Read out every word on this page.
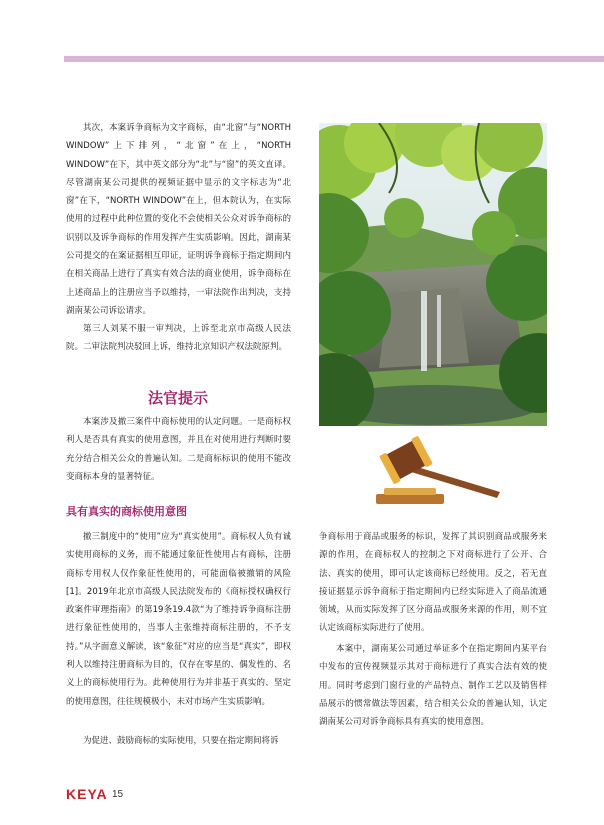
其次，本案诉争商标为文字商标，由“北窗”与“NORTH WINDOW”上下排列，“北窗”在上，“NORTH　WINDOW”在下，其中英文部分为“北”与“窗”的英文直译。尽管湖南某公司提供的视频证据中显示的文字标志为“北窗”在下，“NORTH WINDOW”在上，但本院认为，在实际使用的过程中此种位置的变化不会使相关公众对诉争商标的识别以及诉争商标的作用发挥产生实质影响。因此，湖南某公司提交的在案证据相互印证，证明诉争商标于指定期间内在相关商品上进行了真实有效合法的商业使用，诉争商标在上述商品上的注册应当予以维持，一审法院作出判决，支持湖南某公司诉讼请求。

第三人刘某不服一审判决，上诉至北京市高级人民法院。二审法院判决驳回上诉，维持北京知识产权法院原判。

法官提示

本案涉及撤三案件中商标使用的认定问题。一是商标权利人是否具有真实的使用意图，并且在对使用进行判断时要充分结合相关公众的普遍认知。二是商标标识的使用不能改变商标本身的显著特征。

具有真实的商标使用意图

撤三制度中的“使用”应为“真实使用”。商标权人负有诚实使用商标的义务，而不能通过象征性使用占有商标，注册商标专用权人仅作象征性使用的，可能面临被撤销的风险[1]。2019年北京市高级人民法院发布的《商标授权确权行政案件审理指南》的第19条19.4款“为了维持诉争商标注册进行象征性使用的，当事人主张维持商标注册的，不予支持。”从字面意义解读，该“象征”对应的应当是“真实”，即权利人以维持注册商标为目的，仅存在零星的、偶发性的、名义上的商标使用行为。此种使用行为并非基于真实的、坚定的使用意图，往往规模极小，未对市场产生实质影响。

为促进、鼓励商标的实际使用，只要在指定期间将诉

争商标用于商品或服务的标识，发挥了其识别商品或服务来源的作用，在商标权人的控制之下对商标进行了公开、合法、真实的使用，即可认定该商标已经使用。反之，若无直接证据显示诉争商标于指定期间内已经实际进入了商品流通领域，从而实际发挥了区分商品或服务来源的作用，则不宜认定该商标实际进行了使用。

本案中，湖南某公司通过举证多个在指定期间内某平台中发布的宣传视频显示其对于商标进行了真实合法有效的使用。同时考虑到门窗行业的产品特点、制作工艺以及销售样品展示的惯常做法等因素，结合相关公众的普遍认知，认定湖南某公司对诉争商标具有真实的使用意图。

KEYA 15
